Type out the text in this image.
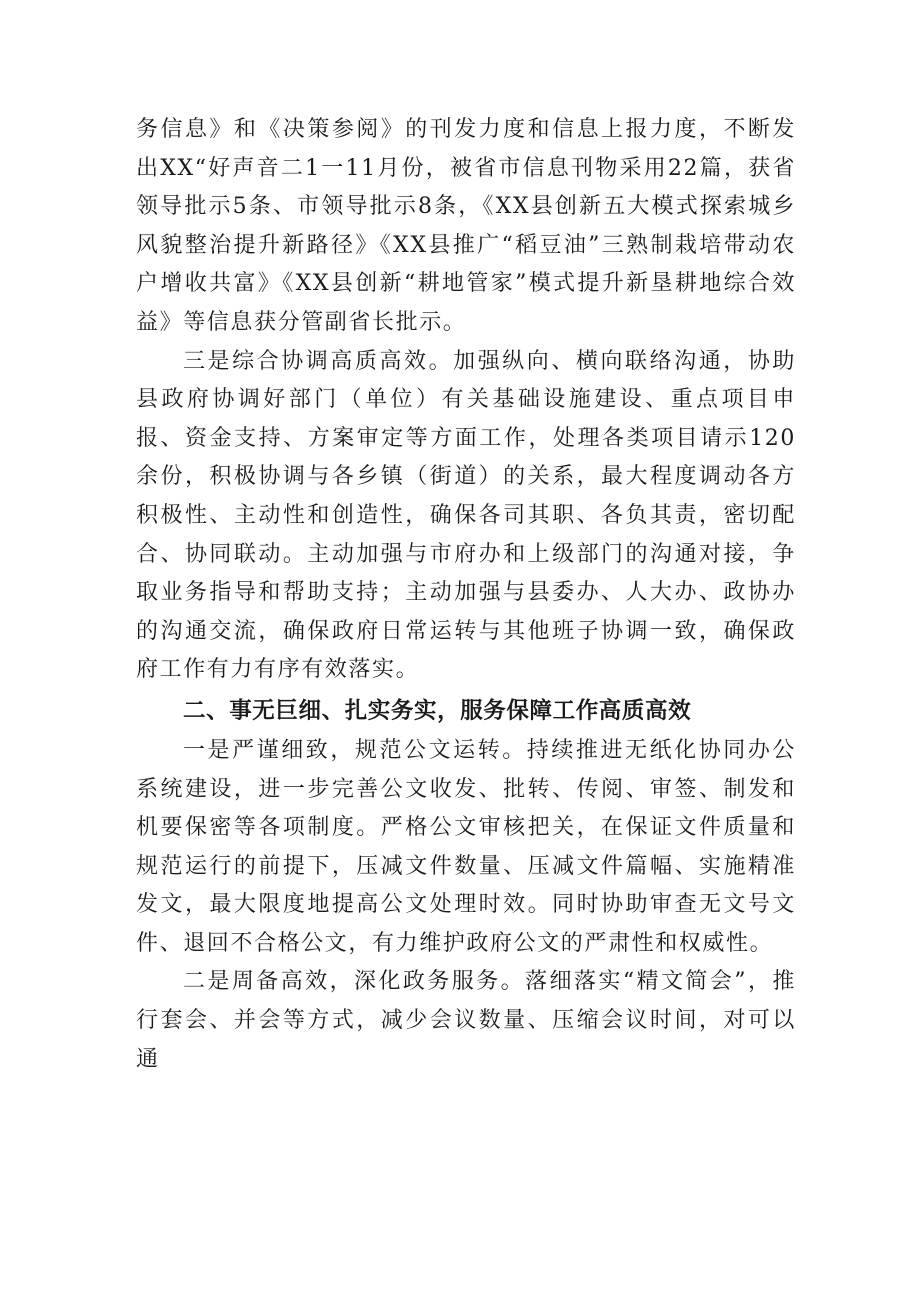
务信息》和《决策参阅》的刊发力度和信息上报力度，不断发出XX“好声音二1一11月份，被省市信息刊物采用22篇，获省领导批示5条、市领导批示8条，《XX县创新五大模式探索城乡风貌整治提升新路径》《XX县推广“稻豆油”三熟制栽培带动农户增收共富》《XX县创新“耕地管家”模式提升新垦耕地综合效益》等信息获分管副省长批示。

三是综合协调高质高效。加强纵向、横向联络沟通，协助县政府协调好部门（单位）有关基础设施建设、重点项目申报、资金支持、方案审定等方面工作，处理各类项目请示120余份，积极协调与各乡镇（街道）的关系，最大程度调动各方积极性、主动性和创造性，确保各司其职、各负其责，密切配合、协同联动。主动加强与市府办和上级部门的沟通对接，争取业务指导和帮助支持；主动加强与县委办、人大办、政协办的沟通交流，确保政府日常运转与其他班子协调一致，确保政府工作有力有序有效落实。

二、事无巨细、扎实务实，服务保障工作高质高效

一是严谨细致，规范公文运转。持续推进无纸化协同办公系统建设，进一步完善公文收发、批转、传阅、审签、制发和机要保密等各项制度。严格公文审核把关，在保证文件质量和规范运行的前提下，压减文件数量、压减文件篇幅、实施精准发文，最大限度地提高公文处理时效。同时协助审查无文号文件、退回不合格公文，有力维护政府公文的严肃性和权威性。

二是周备高效，深化政务服务。落细落实“精文简会”，推行套会、并会等方式，减少会议数量、压缩会议时间，对可以通
